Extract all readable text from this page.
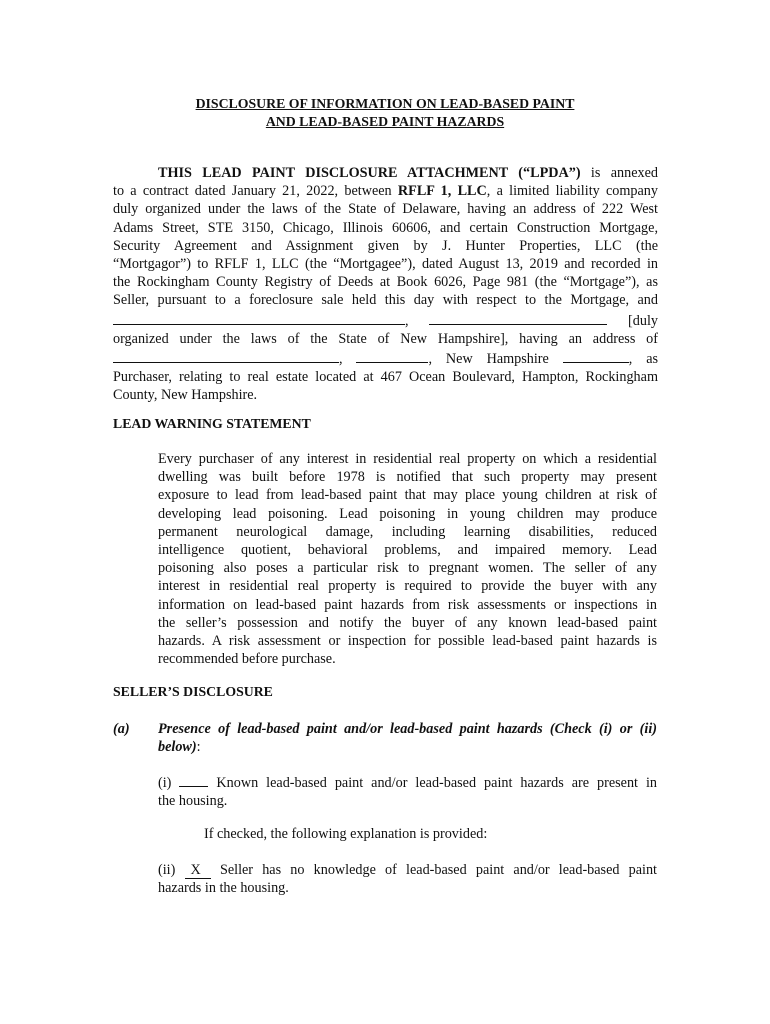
DISCLOSURE OF INFORMATION ON LEAD-BASED PAINT
AND LEAD-BASED PAINT HAZARDS
THIS LEAD PAINT DISCLOSURE ATTACHMENT (“LPDA”) is annexed
to a contract dated January 21, 2022, between RFLF 1, LLC, a limited liability company
duly organized under the laws of the State of Delaware, having an address of 222 West
Adams Street, STE 3150, Chicago, Illinois 60606, and certain Construction Mortgage,
Security Agreement and Assignment given by J. Hunter Properties, LLC (the
“Mortgagor”) to RFLF 1, LLC (the “Mortgagee”), dated August 13, 2019 and recorded in
the Rockingham County Registry of Deeds at Book 6026, Page 981 (the “Mortgage”), as
Seller, pursuant to a foreclosure sale held this day with respect to the Mortgage, and
,	[duly
organized under the laws of the State of New Hampshire], having an address of
,	, New Hampshire	, as
Purchaser, relating to real estate located at 467 Ocean Boulevard, Hampton, Rockingham
County, New Hampshire.
LEAD WARNING STATEMENT
Every purchaser of any interest in residential real property on which a residential
dwelling was built before 1978 is notified that such property may present
exposure to lead from lead-based paint that may place young children at risk of
developing lead poisoning. Lead poisoning in young children may produce
permanent neurological damage, including learning disabilities, reduced
intelligence quotient, behavioral problems, and impaired memory. Lead
poisoning also poses a particular risk to pregnant women. The seller of any
interest in residential real property is required to provide the buyer with any
information on lead-based paint hazards from risk assessments or inspections in
the seller’s possession and notify the buyer of any known lead-based paint
hazards. A risk assessment or inspection for possible lead-based paint hazards is
recommended before purchase.
SELLER’S DISCLOSURE
(a) Presence of lead-based paint and/or lead-based paint hazards (Check (i) or (ii)
below):
(i)	Known lead-based paint and/or lead-based paint hazards are present in
the housing.
If checked, the following explanation is provided:
(ii) X Seller has no knowledge of lead-based paint and/or lead-based paint
hazards in the housing.
